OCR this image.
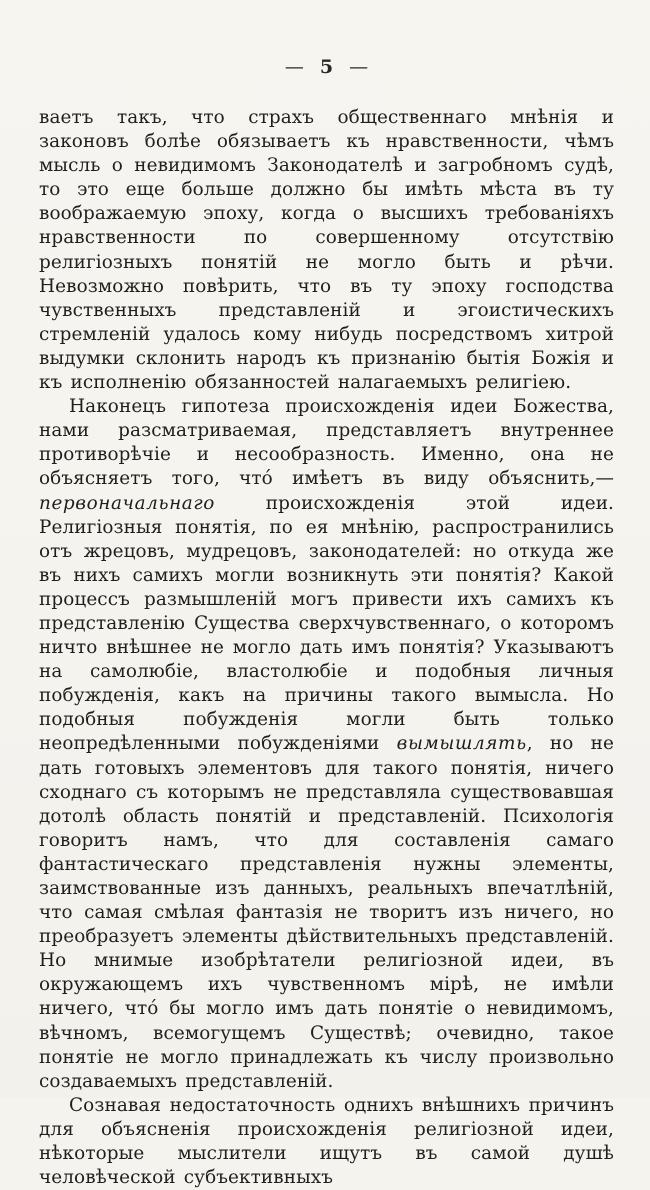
— 5 —

ваетъ такъ, что страхъ общественнаго мнѣнія и законовъ болѣе обязываетъ къ нравственности, чѣмъ мысль о невидимомъ Законодателѣ и загробномъ судѣ, то это еще больше должно бы имѣть мѣста въ ту воображаемую эпоху, когда о высшихъ требованіяхъ нравственности по совершенному отсутствію религіозныхъ понятій не могло быть и рѣчи. Невозможно повѣрить, что въ ту эпоху господства чувственныхъ представленій и эгоистическихъ стремленій удалось кому нибудь посредствомъ хитрой выдумки склонить народъ къ признанію бытія Божія и къ исполненію обязанностей налагаемыхъ религіею.

Наконецъ гипотеза происхожденія идеи Божества, нами разсматриваемая, представляетъ внутреннее противорѣчіе и несообразность. Именно, она не объясняетъ того, что́ имѣетъ въ виду объяснить,—первоначальнаго происхожденія этой идеи. Религіозныя понятія, по ея мнѣнію, распространились отъ жрецовъ, мудрецовъ, законодателей: но откуда же въ нихъ самихъ могли возникнуть эти понятія? Какой процессъ размышленій могъ привести ихъ самихъ къ представленію Существа сверхчувственнаго, о которомъ ничто внѣшнее не могло дать имъ понятія? Указываютъ на самолюбіе, властолюбіе и подобныя личныя побужденія, какъ на причины такого вымысла. Но подобныя побужденія могли быть только неопредѣленными побужденіями вымышлять, но не дать готовыхъ элементовъ для такого понятія, ничего сходнаго съ которымъ не представляла существовавшая дотолѣ область понятій и представленій. Психологія говоритъ намъ, что для составленія самаго фантастическаго представленія нужны элементы, заимствованные изъ данныхъ, реальныхъ впечатлѣній, что самая смѣлая фантазія не творитъ изъ ничего, но преобразуетъ элементы дѣйствительныхъ представленій. Но мнимые изобрѣтатели религіозной идеи, въ окружающемъ ихъ чувственномъ мірѣ, не имѣли ничего, что́ бы могло имъ дать понятіе о невидимомъ, вѣчномъ, всемогущемъ Существѣ; очевидно, такое понятіе не могло принадлежать къ числу произвольно создаваемыхъ представленій.

Сознавая недостаточность однихъ внѣшнихъ причинъ для объясненія происхожденія религіозной идеи, нѣкоторые мыслители ищутъ въ самой душѣ человѣческой субъективныхъ
